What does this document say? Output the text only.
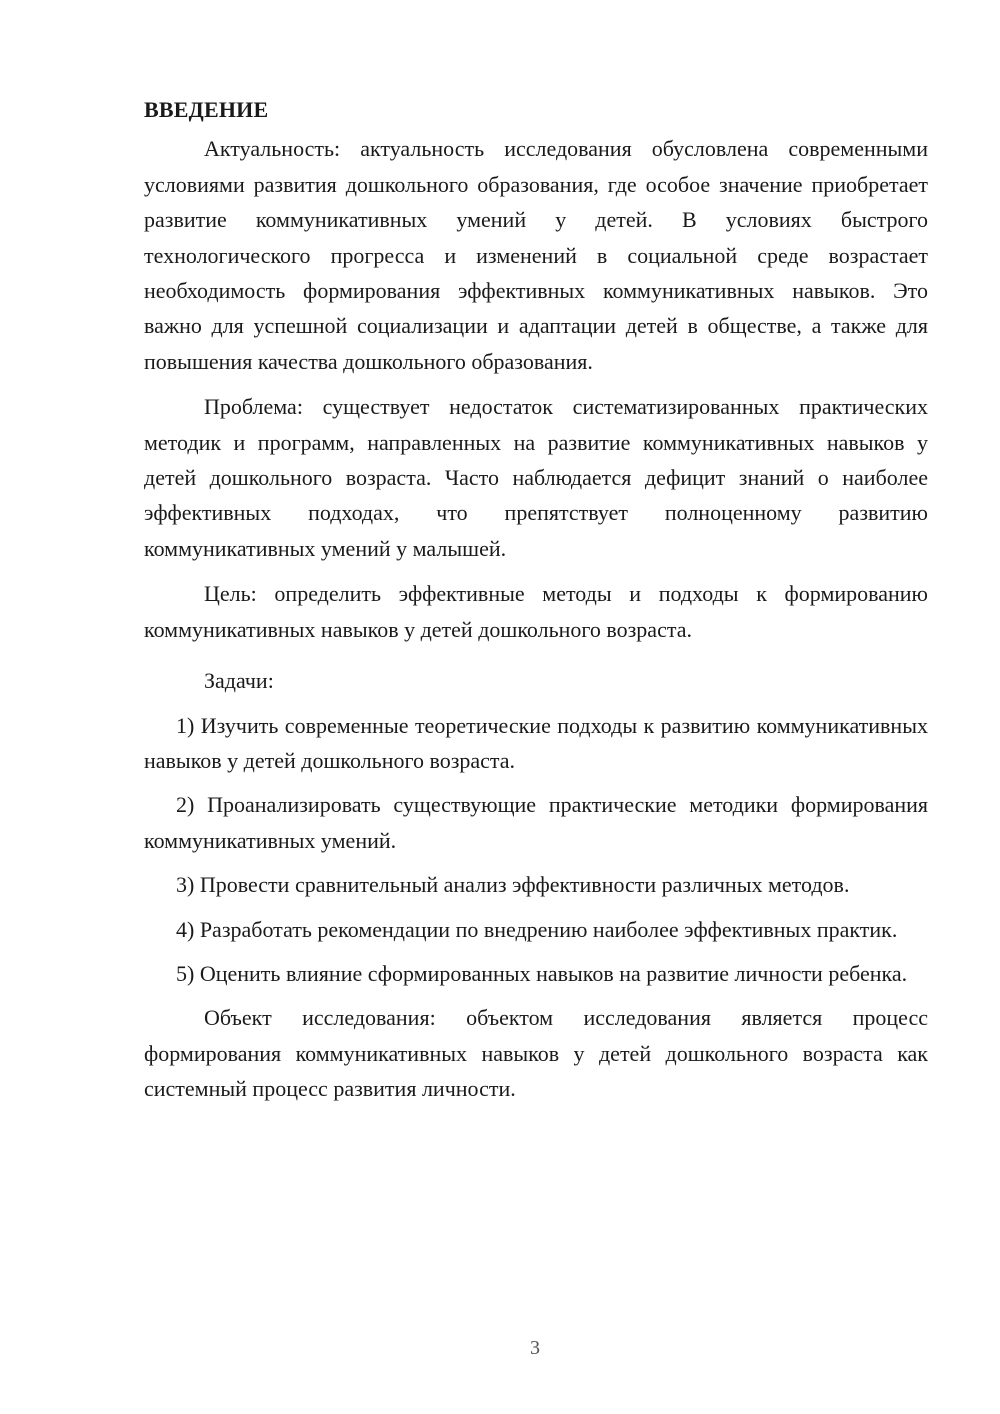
ВВЕДЕНИЕ

Актуальность: актуальность исследования обусловлена современными условиями развития дошкольного образования, где особое значение приобретает развитие коммуникативных умений у детей. В условиях быстрого технологического прогресса и изменений в социальной среде возрастает необходимость формирования эффективных коммуникативных навыков. Это важно для успешной социализации и адаптации детей в обществе, а также для повышения качества дошкольного образования.

Проблема: существует недостаток систематизированных практических методик и программ, направленных на развитие коммуникативных навыков у детей дошкольного возраста. Часто наблюдается дефицит знаний о наиболее эффективных подходах, что препятствует полноценному развитию коммуникативных умений у малышей.

Цель: определить эффективные методы и подходы к формированию коммуникативных навыков у детей дошкольного возраста.

Задачи:

1) Изучить современные теоретические подходы к развитию коммуникативных навыков у детей дошкольного возраста.

2) Проанализировать существующие практические методики формирования коммуникативных умений.

3) Провести сравнительный анализ эффективности различных методов.

4) Разработать рекомендации по внедрению наиболее эффективных практик.

5) Оценить влияние сформированных навыков на развитие личности ребенка.

Объект исследования: объектом исследования является процесс формирования коммуникативных навыков у детей дошкольного возраста как системный процесс развития личности.

3
